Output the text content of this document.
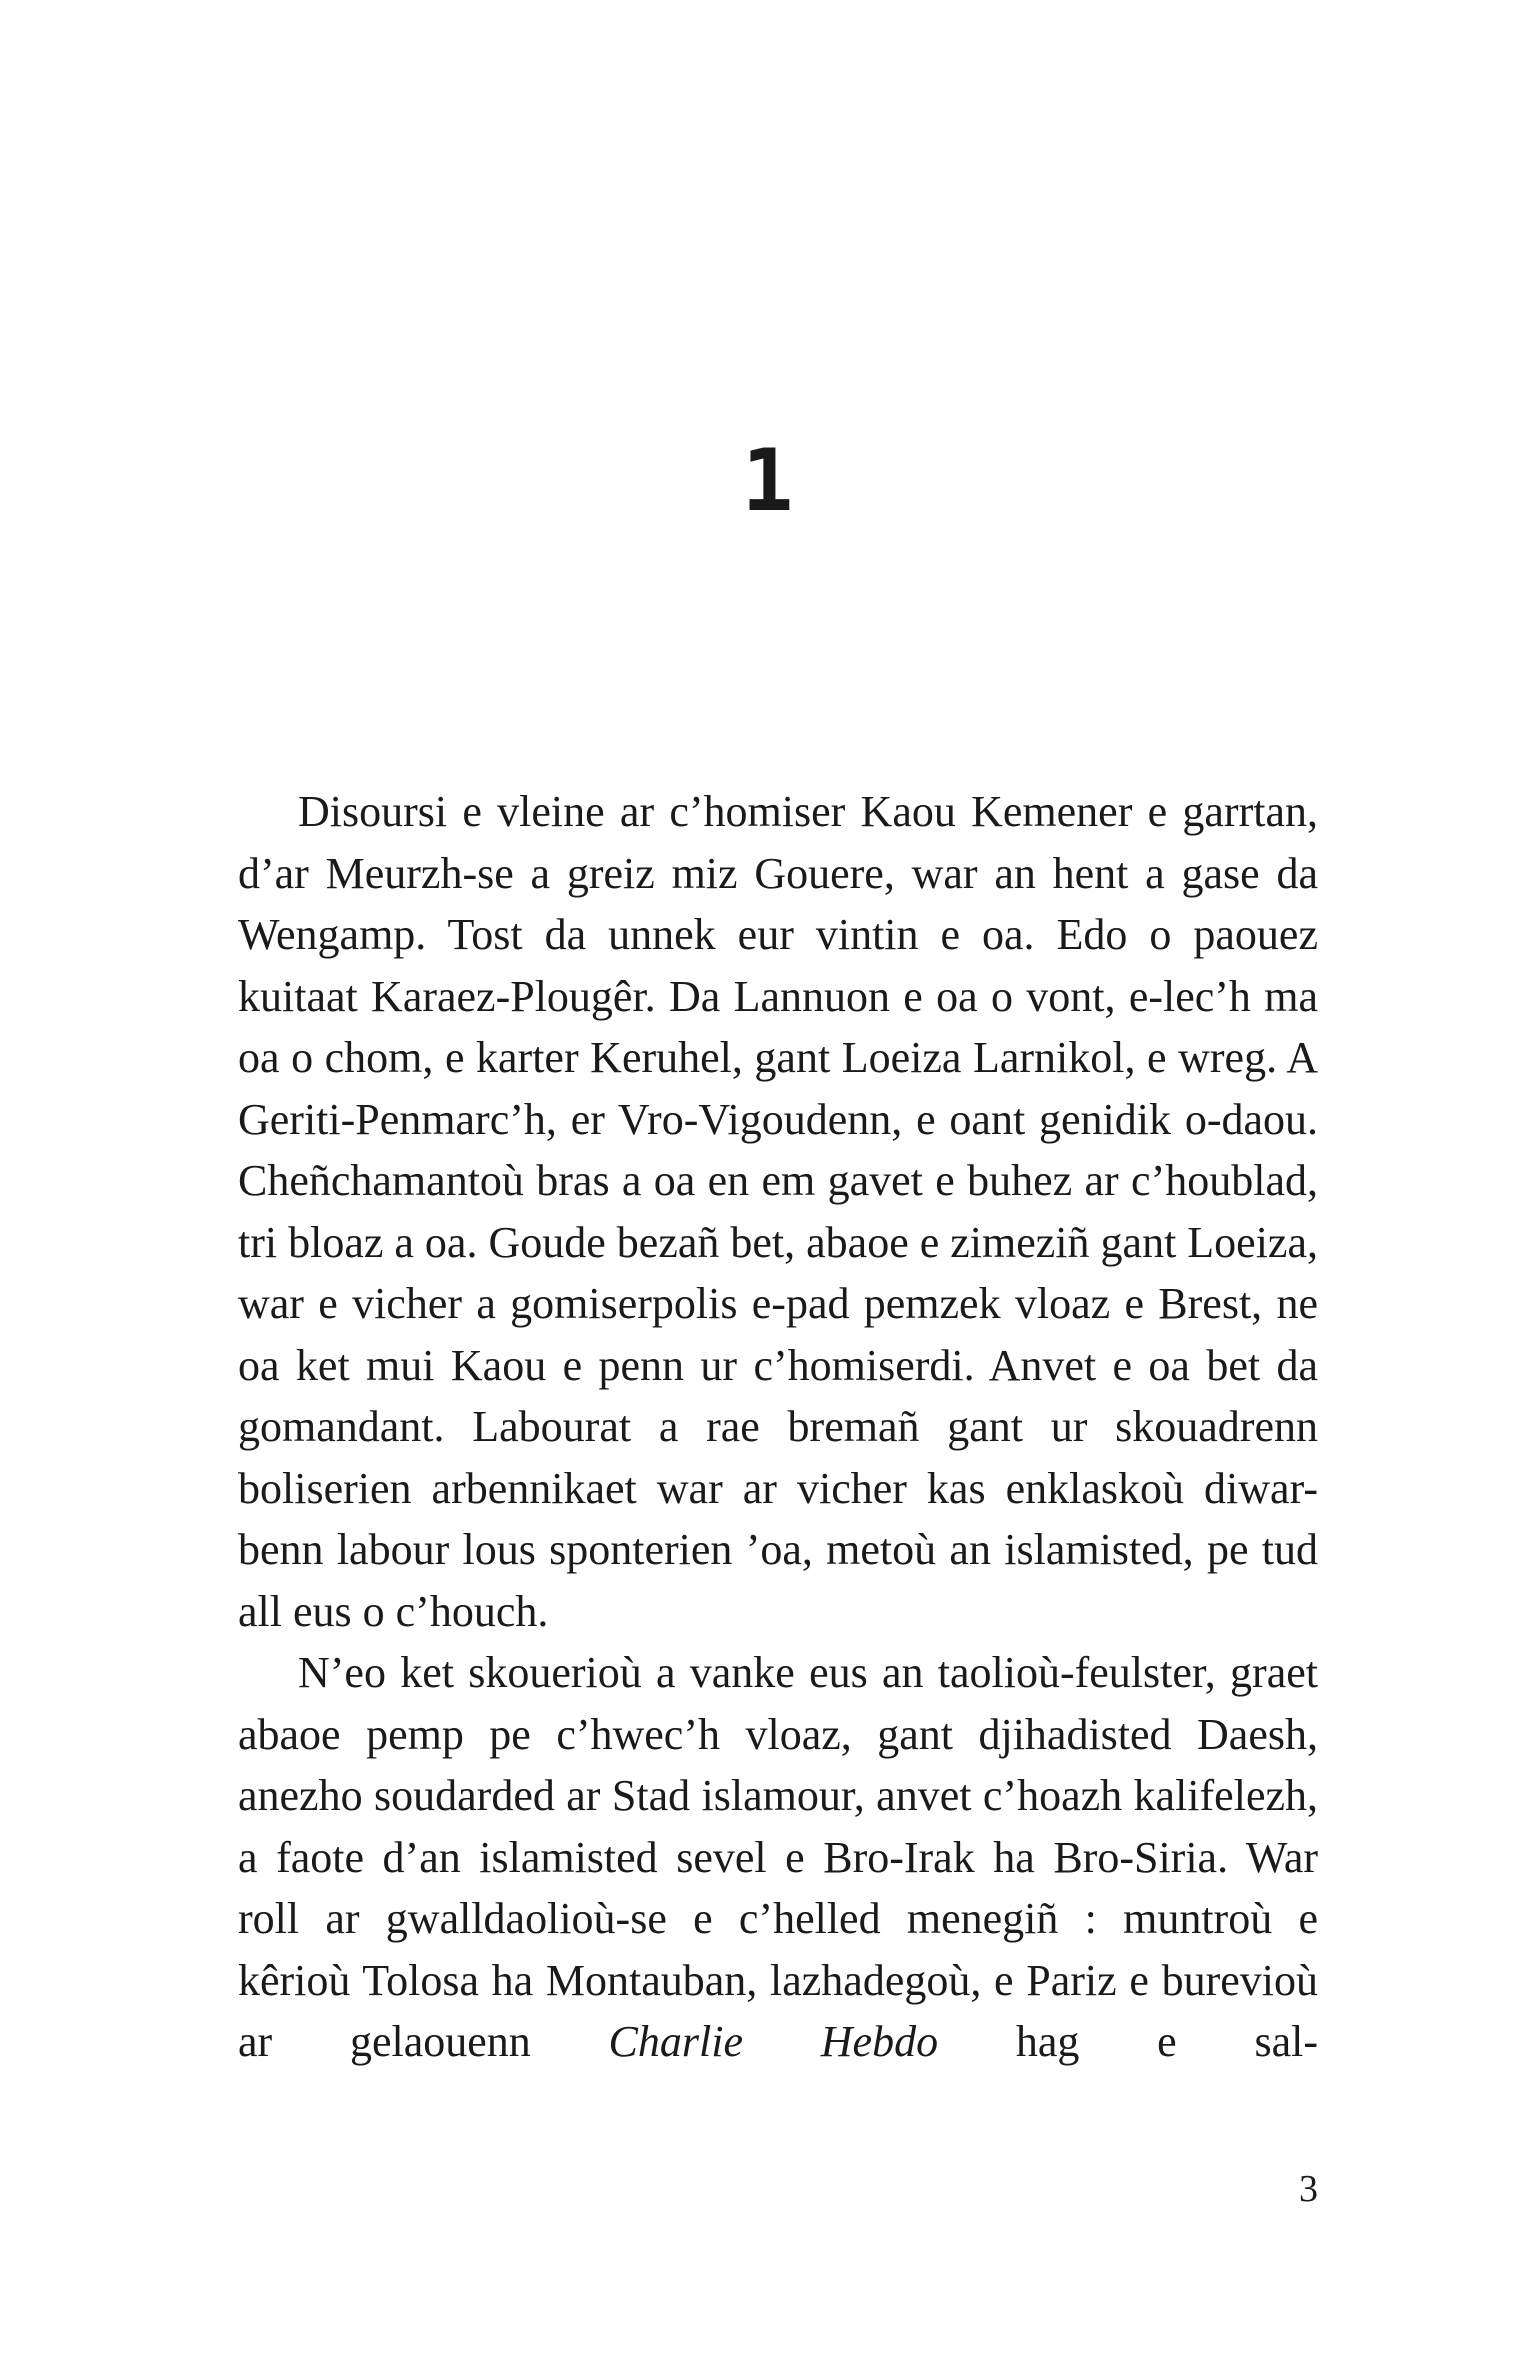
1

Disoursi e vleine ar c’homiser Kaou Kemener e garrtan, d’ar Meurzh-se a greiz miz Gouere, war an hent a gase da Wengamp. Tost da unnek eur vintin e oa. Edo o paouez kuitaat Karaez-Plougêr. Da Lannuon e oa o vont, e-lec’h ma oa o chom, e karter Keruhel, gant Loeiza Larnikol, e wreg. A Geriti-Penmarc’h, er Vro-Vigoudenn, e oant genidik o-daou. Cheñchamantoù bras a oa en em gavet e buhez ar c’houblad, tri bloaz a oa. Goude bezañ bet, abaoe e zimeziñ gant Loeiza, war e vicher a gomiserpolis e-pad pemzek vloaz e Brest, ne oa ket mui Kaou e penn ur c’homiserdi. Anvet e oa bet da gomandant. Labourat a rae bremañ gant ur skouadrenn boliserien arbennikaet war ar vicher kas enklaskoù diwar-benn labour lous sponterien ’oa, metoù an islamisted, pe tud all eus o c’houch.

N’eo ket skouerioù a vanke eus an taolioù-feulster, graet abaoe pemp pe c’hwec’h vloaz, gant djihadisted Daesh, anezho soudarded ar Stad islamour, anvet c’hoazh kalifelezh, a faote d’an islamisted sevel e Bro-Irak ha Bro-Siria. War roll ar gwalldaolioù-se e c’helled menegiñ : muntroù e kêrioù Tolosa ha Montauban, lazhadegoù, e Pariz e burevioù ar gelaouenn Charlie Hebdo hag e sal-

3
